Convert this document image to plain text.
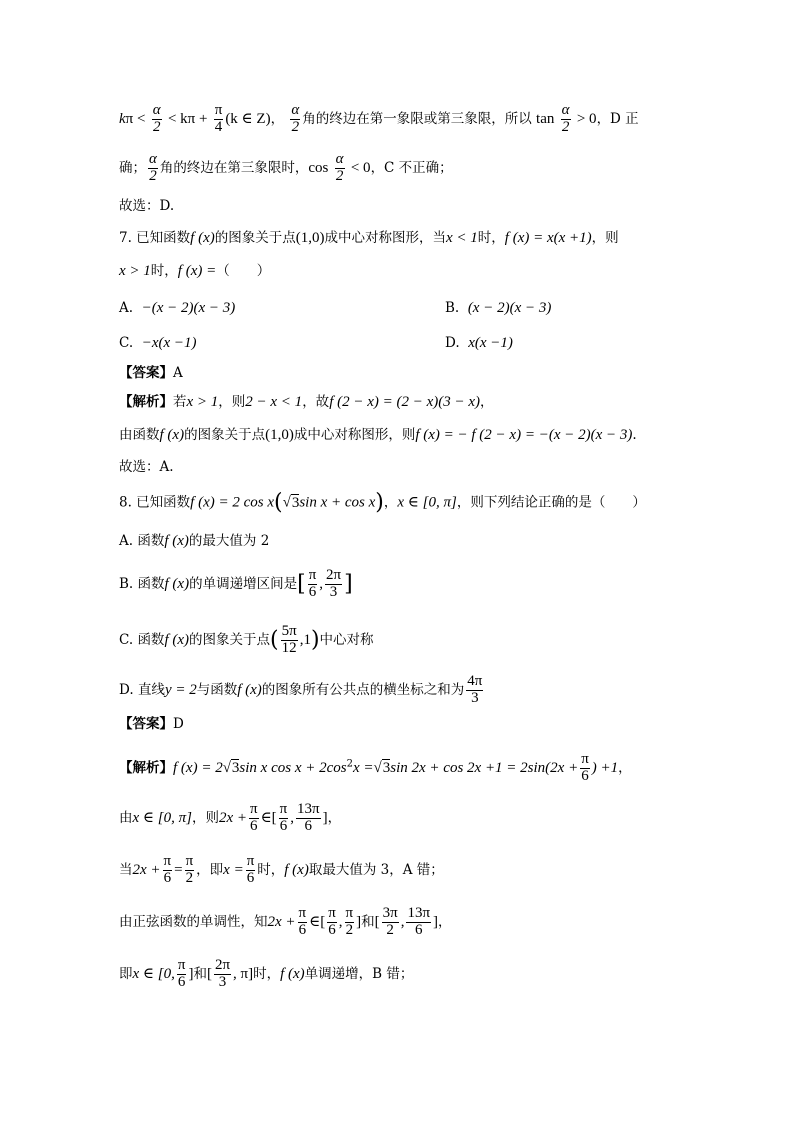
$k\pi < \frac{\alpha}{2} < k\pi + \frac{\pi}{4} (k$ ∈ Z)， $\frac{\alpha}{2}$ 角的终边在第一象限或第三象限，所以 $\tan \frac{\alpha}{2} > 0$，D 正
确； $\frac{\alpha}{2}$ 角的终边在第三象限时，$\cos \frac{\alpha}{2} < 0$，C 不正确；
故选：D.
7. 已知函数f (x)的图象关于点(1,0)成中心对称图形，当x < 1时，f (x) = x(x +1)，则
x > 1时，f (x) =（　　）
A. −(x − 2)(x − 3)	B. (x − 2)(x − 3)
C. −x(x −1)	D. x(x −1)
【答案】A
【解析】若x > 1，则2 − x < 1，故f (2 − x) = (2 − x)(3 − x)，
由函数f (x)的图象关于点(1,0)成中心对称图形，则f (x) = − f (2 − x) = −(x − 2)(x − 3).
故选：A.
8. 已知函数f (x) = 2 cos x(√3sin x + cos x)，x ∈ [0, π]，则下列结论正确的是（　　）
A. 函数f (x)的最大值为 2
B. 函数f (x)的单调递增区间是[ $\frac{\pi}{6}$ , $\frac{2\pi}{3}$ ]
C. 函数f (x)的图象关于点( $\frac{5\pi}{12} ,1$)中心对称
D. 直线y = 2与函数f (x)的图象所有公共点的横坐标之和为 $\frac{4\pi}{3}$
【答案】D
【解析】f (x) = 2√3sin x $\cos x + 2\cos^2x =√3\sin$ $2x + \cos 2x +1 = 2\sin(2x + \frac{\pi}{6}$ ) +1，
由x ∈ [0, π]，则$2x + \frac{\pi}{6}$ ∈[ $\frac{\pi}{6}$ , $\frac{13\pi}{6}$ ]，
当$2x + \frac{\pi}{6} = \frac{\pi}{2}$ ，即$x = \frac{\pi}{6}$ 时，f (x)取最大值为 3，A 错；
由正弦函数的单调性，知$2x + \frac{\pi}{6}$ ∈[ $\frac{\pi}{6}$ , $\frac{\pi}{2}$ ]和[ $\frac{3\pi}{2}$ , $\frac{13\pi}{6}$ ]，
即x ∈ [0, $\frac{\pi}{6}$ ]和[ $\frac{2\pi}{3}$ , π]时，f (x)单调递增，B 错；
